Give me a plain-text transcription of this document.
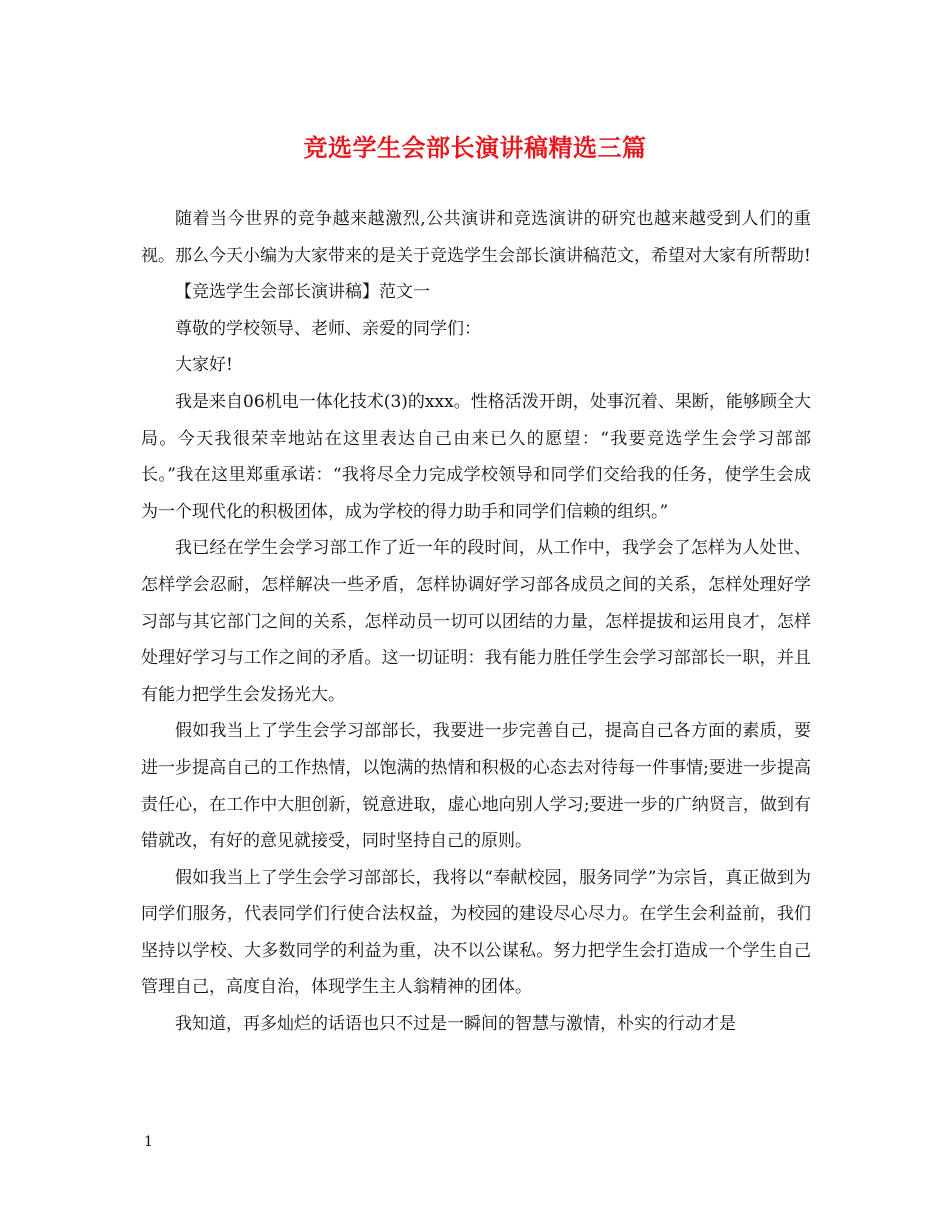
竞选学生会部长演讲稿精选三篇

随着当今世界的竞争越来越激烈,公共演讲和竞选演讲的研究也越来越受到人们的重视。那么今天小编为大家带来的是关于竞选学生会部长演讲稿范文，希望对大家有所帮助!

【竞选学生会部长演讲稿】范文一

尊敬的学校领导、老师、亲爱的同学们：

大家好!

我是来自06机电一体化技术(3)的xxx。性格活泼开朗，处事沉着、果断，能够顾全大局。今天我很荣幸地站在这里表达自己由来已久的愿望：“我要竞选学生会学习部部长。”我在这里郑重承诺：“我将尽全力完成学校领导和同学们交给我的任务，使学生会成为一个现代化的积极团体，成为学校的得力助手和同学们信赖的组织。”

我已经在学生会学习部工作了近一年的段时间，从工作中，我学会了怎样为人处世、怎样学会忍耐，怎样解决一些矛盾，怎样协调好学习部各成员之间的关系，怎样处理好学习部与其它部门之间的关系，怎样动员一切可以团结的力量，怎样提拔和运用良才，怎样处理好学习与工作之间的矛盾。这一切证明：我有能力胜任学生会学习部部长一职，并且有能力把学生会发扬光大。

假如我当上了学生会学习部部长，我要进一步完善自己，提高自己各方面的素质，要进一步提高自己的工作热情，以饱满的热情和积极的心态去对待每一件事情;要进一步提高责任心，在工作中大胆创新，锐意进取，虚心地向别人学习;要进一步的广纳贤言，做到有错就改，有好的意见就接受，同时坚持自己的原则。

假如我当上了学生会学习部部长，我将以“奉献校园，服务同学”为宗旨，真正做到为同学们服务，代表同学们行使合法权益，为校园的建设尽心尽力。在学生会利益前，我们坚持以学校、大多数同学的利益为重，决不以公谋私。努力把学生会打造成一个学生自己管理自己，高度自治，体现学生主人翁精神的团体。

我知道，再多灿烂的话语也只不过是一瞬间的智慧与激情，朴实的行动才是

1
